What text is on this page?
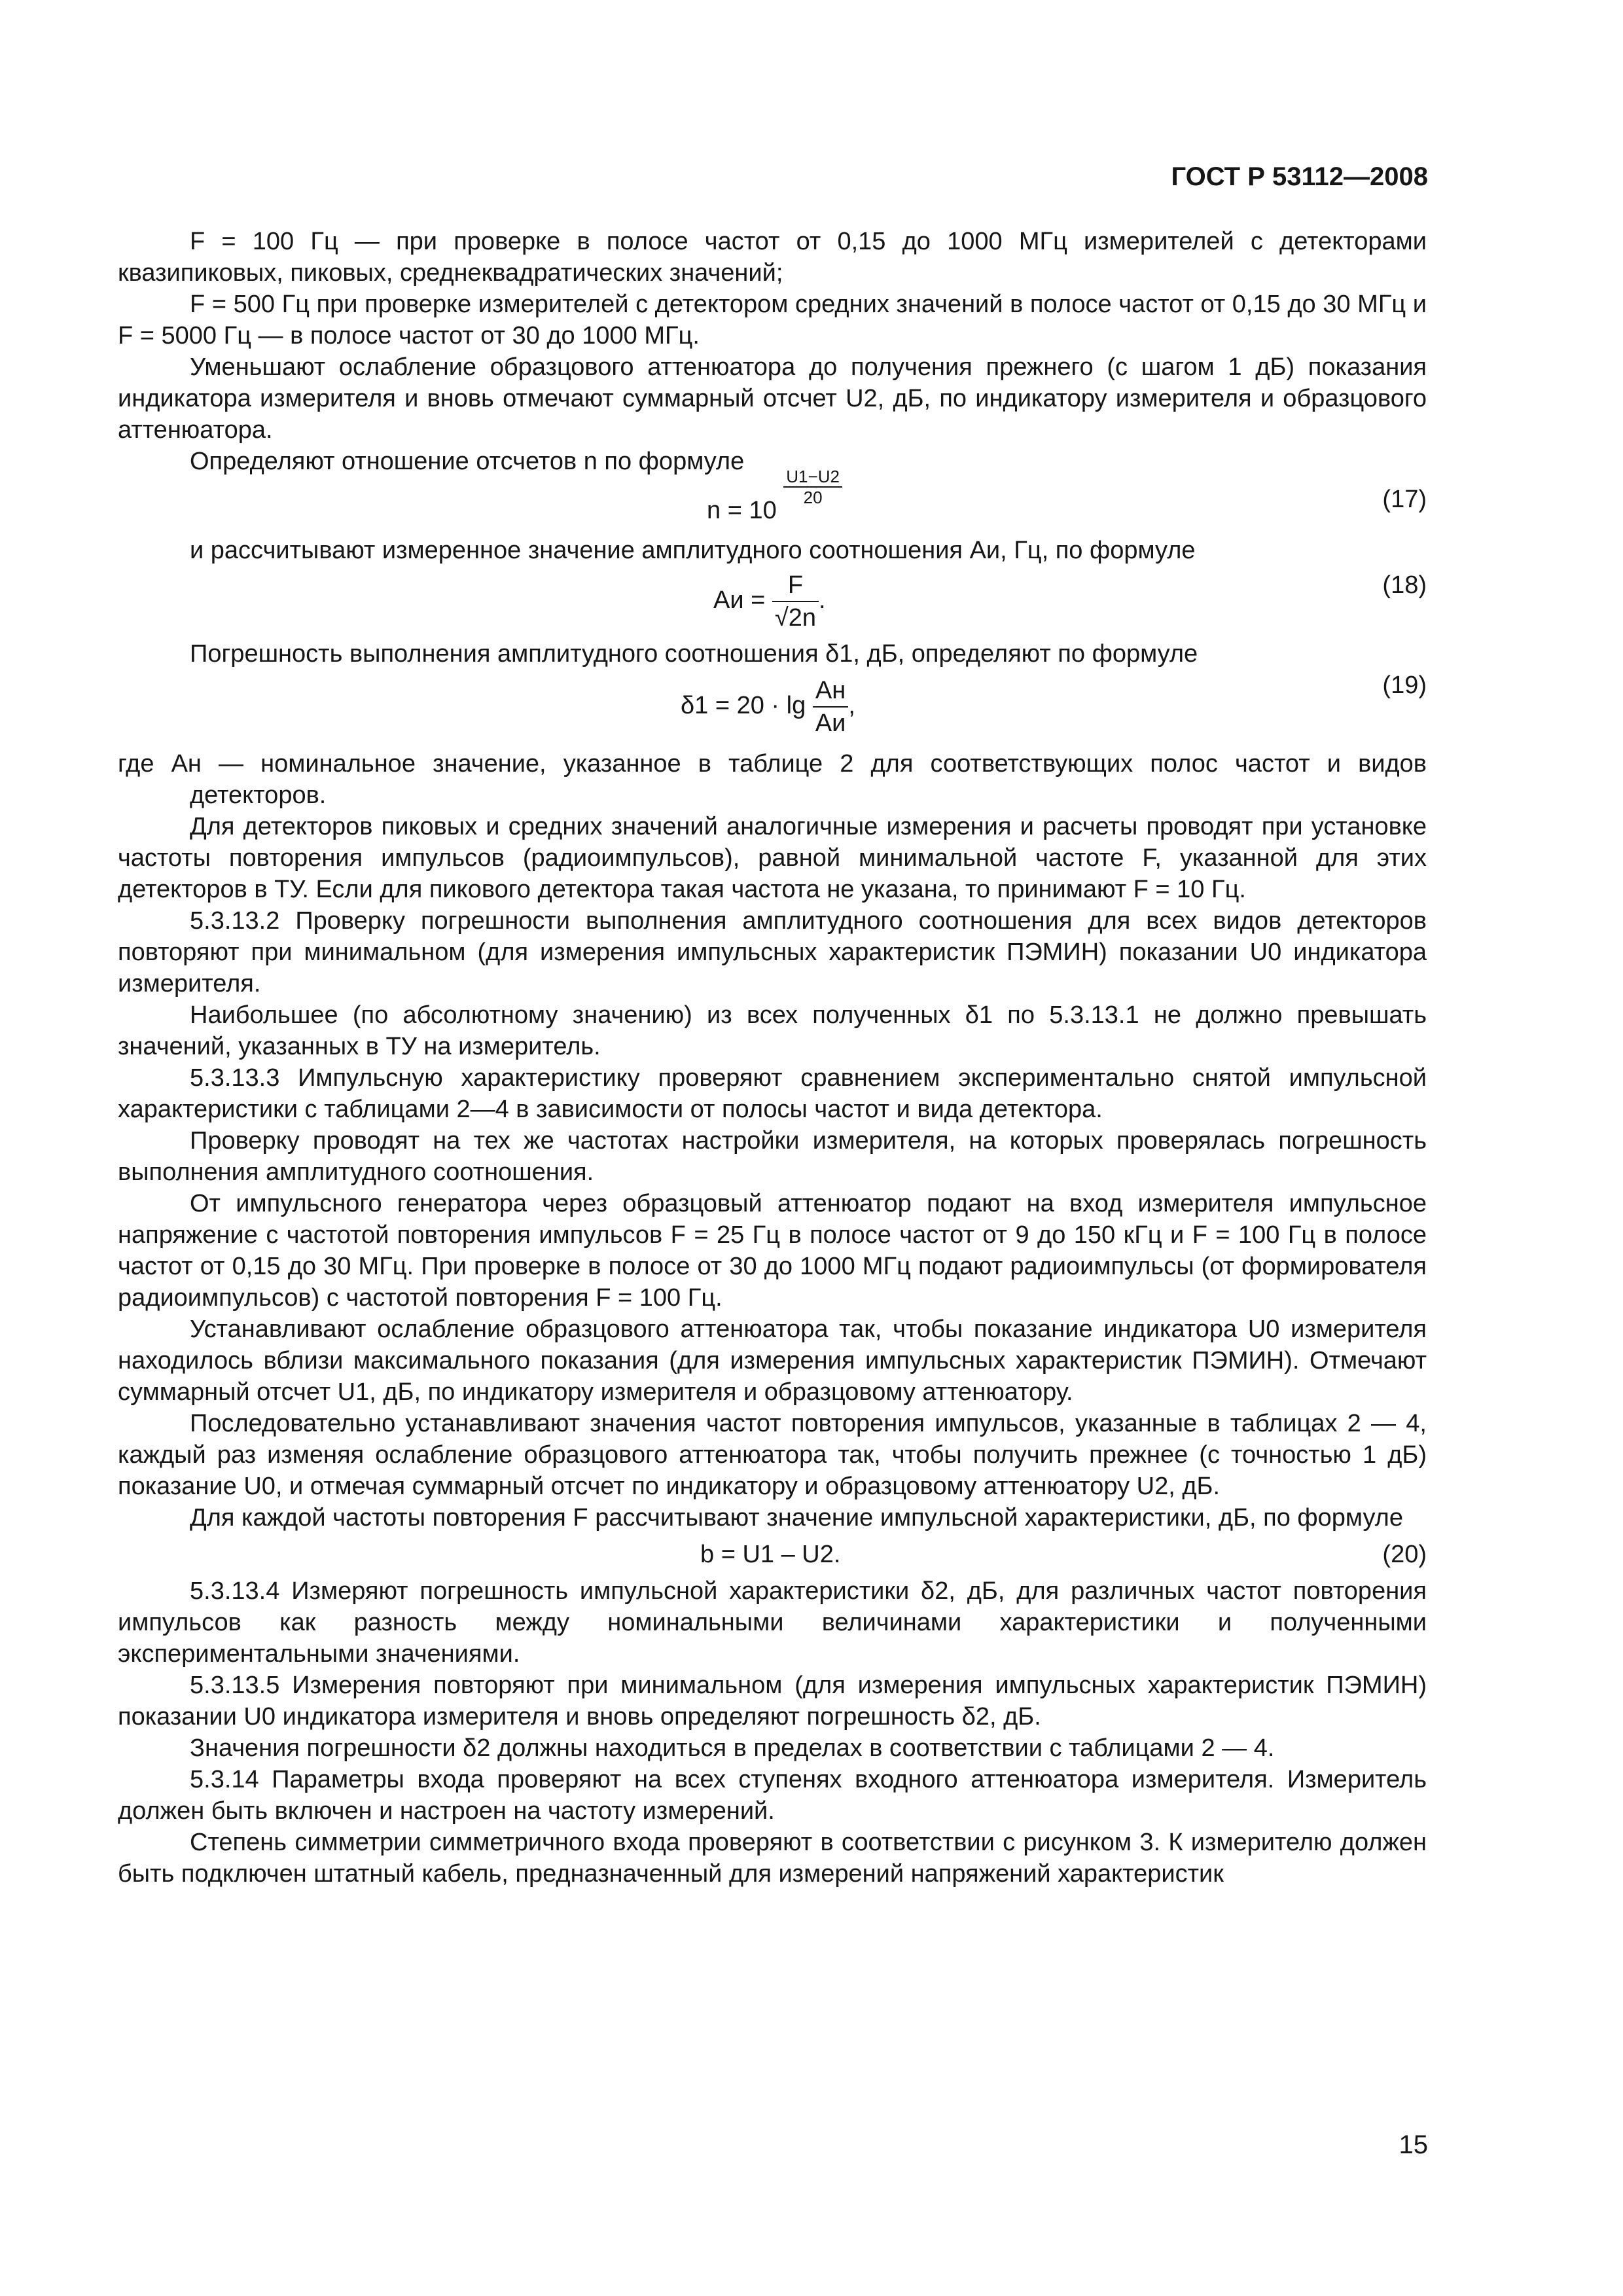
ГОСТ Р 53112—2008

F = 100 Гц — при проверке в полосе частот от 0,15 до 1000 МГц измерителей с детекторами квазипиковых, пиковых, среднеквадратических значений;

F = 500 Гц при проверке измерителей с детектором средних значений в полосе частот от 0,15 до 30 МГц и F = 5000 Гц — в полосе частот от 30 до 1000 МГц.

Уменьшают ослабление образцового аттенюатора до получения прежнего (с шагом 1 дБ) показания индикатора измерителя и вновь отмечают суммарный отсчет U2, дБ, по индикатору измерителя и образцового аттенюатора.

Определяют отношение отсчетов n по формуле

n = 10
$\frac{U1-U2}{20}$	(17)

и рассчитывают измеренное значение амплитудного соотношения Aи, Гц, по формуле

Aи = $\frac{F}{√2n}$ .
(18)

Погрешность выполнения амплитудного соотношения δ1, дБ, определяют по формуле

$\delta 1 = 20 \cdot \lg \frac{Aн}{Aи}$ ,
(19)

где Aн — номинальное значение, указанное в таблице 2 для соответствующих полос частот и видов детекторов.

Для детекторов пиковых и средних значений аналогичные измерения и расчеты проводят при установке частоты повторения импульсов (радиоимпульсов), равной минимальной частоте F, указанной для этих детекторов в ТУ. Если для пикового детектора такая частота не указана, то принимают F = 10 Гц.

5.3.13.2 Проверку погрешности выполнения амплитудного соотношения для всех видов детекторов повторяют при минимальном (для измерения импульсных характеристик ПЭМИН) показании U0 индикатора измерителя.

Наибольшее (по абсолютному значению) из всех полученных δ1 по 5.3.13.1 не должно превышать значений, указанных в ТУ на измеритель.

5.3.13.3 Импульсную характеристику проверяют сравнением экспериментально снятой импульсной характеристики с таблицами 2—4 в зависимости от полосы частот и вида детектора.

Проверку проводят на тех же частотах настройки измерителя, на которых проверялась погрешность выполнения амплитудного соотношения.

От импульсного генератора через образцовый аттенюатор подают на вход измерителя импульсное напряжение с частотой повторения импульсов F = 25 Гц в полосе частот от 9 до 150 кГц и F = 100 Гц в полосе частот от 0,15 до 30 МГц. При проверке в полосе от 30 до 1000 МГц подают радиоимпульсы (от формирователя радиоимпульсов) с частотой повторения F = 100 Гц.

Устанавливают ослабление образцового аттенюатора так, чтобы показание индикатора U0 измерителя находилось вблизи максимального показания (для измерения импульсных характеристик ПЭМИН). Отмечают суммарный отсчет U1, дБ, по индикатору измерителя и образцовому аттенюатору.

Последовательно устанавливают значения частот повторения импульсов, указанные в таблицах 2 — 4, каждый раз изменяя ослабление образцового аттенюатора так, чтобы получить прежнее (с точностью 1 дБ) показание U0, и отмечая суммарный отсчет по индикатору и образцовому аттенюатору U2, дБ.

Для каждой частоты повторения F рассчитывают значение импульсной характеристики, дБ, по формуле

b = U1 – U2.	(20)

5.3.13.4 Измеряют погрешность импульсной характеристики δ2, дБ, для различных частот повторения импульсов как разность между номинальными величинами характеристики и полученными экспериментальными значениями.

5.3.13.5 Измерения повторяют при минимальном (для измерения импульсных характеристик ПЭМИН) показании U0 индикатора измерителя и вновь определяют погрешность δ2, дБ.

Значения погрешности δ2 должны находиться в пределах в соответствии с таблицами 2 — 4.

5.3.14 Параметры входа проверяют на всех ступенях входного аттенюатора измерителя. Измеритель должен быть включен и настроен на частоту измерений.

Степень симметрии симметричного входа проверяют в соответствии с рисунком 3. К измерителю должен быть подключен штатный кабель, предназначенный для измерений напряжений характеристик

15
